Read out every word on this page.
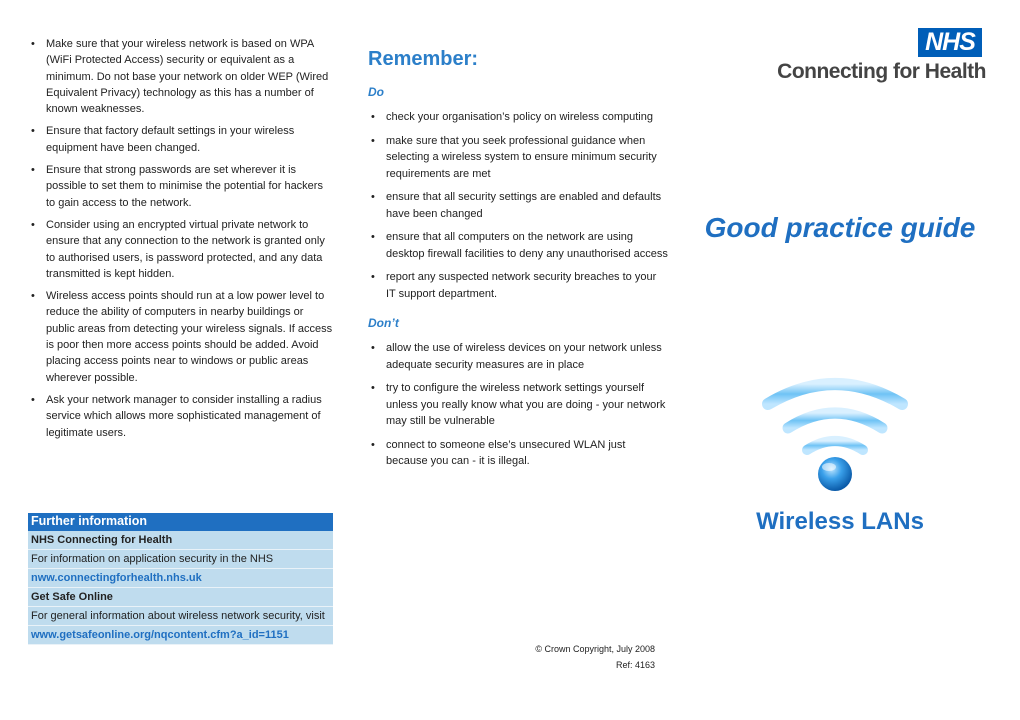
• Make sure that your wireless network is based on WPA (WiFi Protected Access) security or equivalent as a minimum. Do not base your network on older WEP (Wired Equivalent Privacy) technology as this has a number of known weaknesses.
• Ensure that factory default settings in your wireless equipment have been changed.
• Ensure that strong passwords are set wherever it is possible to set them to minimise the potential for hackers to gain access to the network.
• Consider using an encrypted virtual private network to ensure that any connection to the network is granted only to authorised users, is password protected, and any data transmitted is kept hidden.
• Wireless access points should run at a low power level to reduce the ability of computers in nearby buildings or public areas from detecting your wireless signals. If access is poor then more access points should be added. Avoid placing access points near to windows or public areas wherever possible.
• Ask your network manager to consider installing a radius service which allows more sophisticated management of legitimate users.
Further information
NHS Connecting for Health
For information on application security in the NHS
nww.connectingforhealth.nhs.uk
Get Safe Online
For general information about wireless network security, visit
www.getsafeonline.org/nqcontent.cfm?a_id=1151
Remember:
Do
• check your organisation’s policy on wireless computing
• make sure that you seek professional guidance when selecting a wireless system to ensure minimum security requirements are met
• ensure that all security settings are enabled and defaults have been changed
• ensure that all computers on the network are using desktop firewall facilities to deny any unauthorised access
• report any suspected network security breaches to your IT support department.
Don’t
• allow the use of wireless devices on your network unless adequate security measures are in place
• try to configure the wireless network settings yourself unless you really know what you are doing - your network may still be vulnerable
• connect to someone else’s unsecured WLAN just because you can - it is illegal.
© Crown Copyright, July 2008
Ref: 4163
NHS
Connecting for Health
Good practice guide
Wireless LANs
